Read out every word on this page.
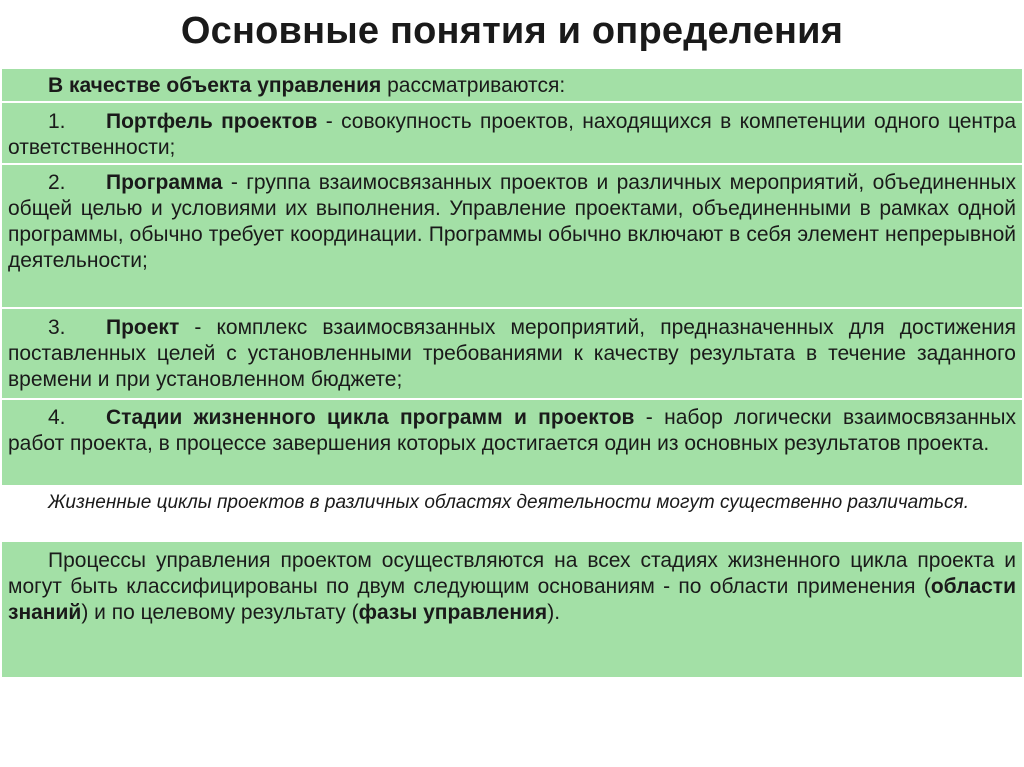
Основные понятия и определения
В качестве объекта управления рассматриваются:
1. Портфель проектов - совокупность проектов, находящихся в компетенции одного центра ответственности;
2. Программа - группа взаимосвязанных проектов и различных мероприятий, объединенных общей целью и условиями их выполнения. Управление проектами, объединенными в рамках одной программы, обычно требует координации. Программы обычно включают в себя элемент непрерывной деятельности;
3. Проект - комплекс взаимосвязанных мероприятий, предназначенных для достижения поставленных целей с установленными требованиями к качеству результата в течение заданного времени и при установленном бюджете;
4. Стадии жизненного цикла программ и проектов - набор логически взаимосвязанных работ проекта, в процессе завершения которых достигается один из основных результатов проекта.
Жизненные циклы проектов в различных областях деятельности могут существенно различаться.
Процессы управления проектом осуществляются на всех стадиях жизненного цикла проекта и могут быть классифицированы по двум следующим основаниям - по области применения (области знаний) и по целевому результату (фазы управления).
